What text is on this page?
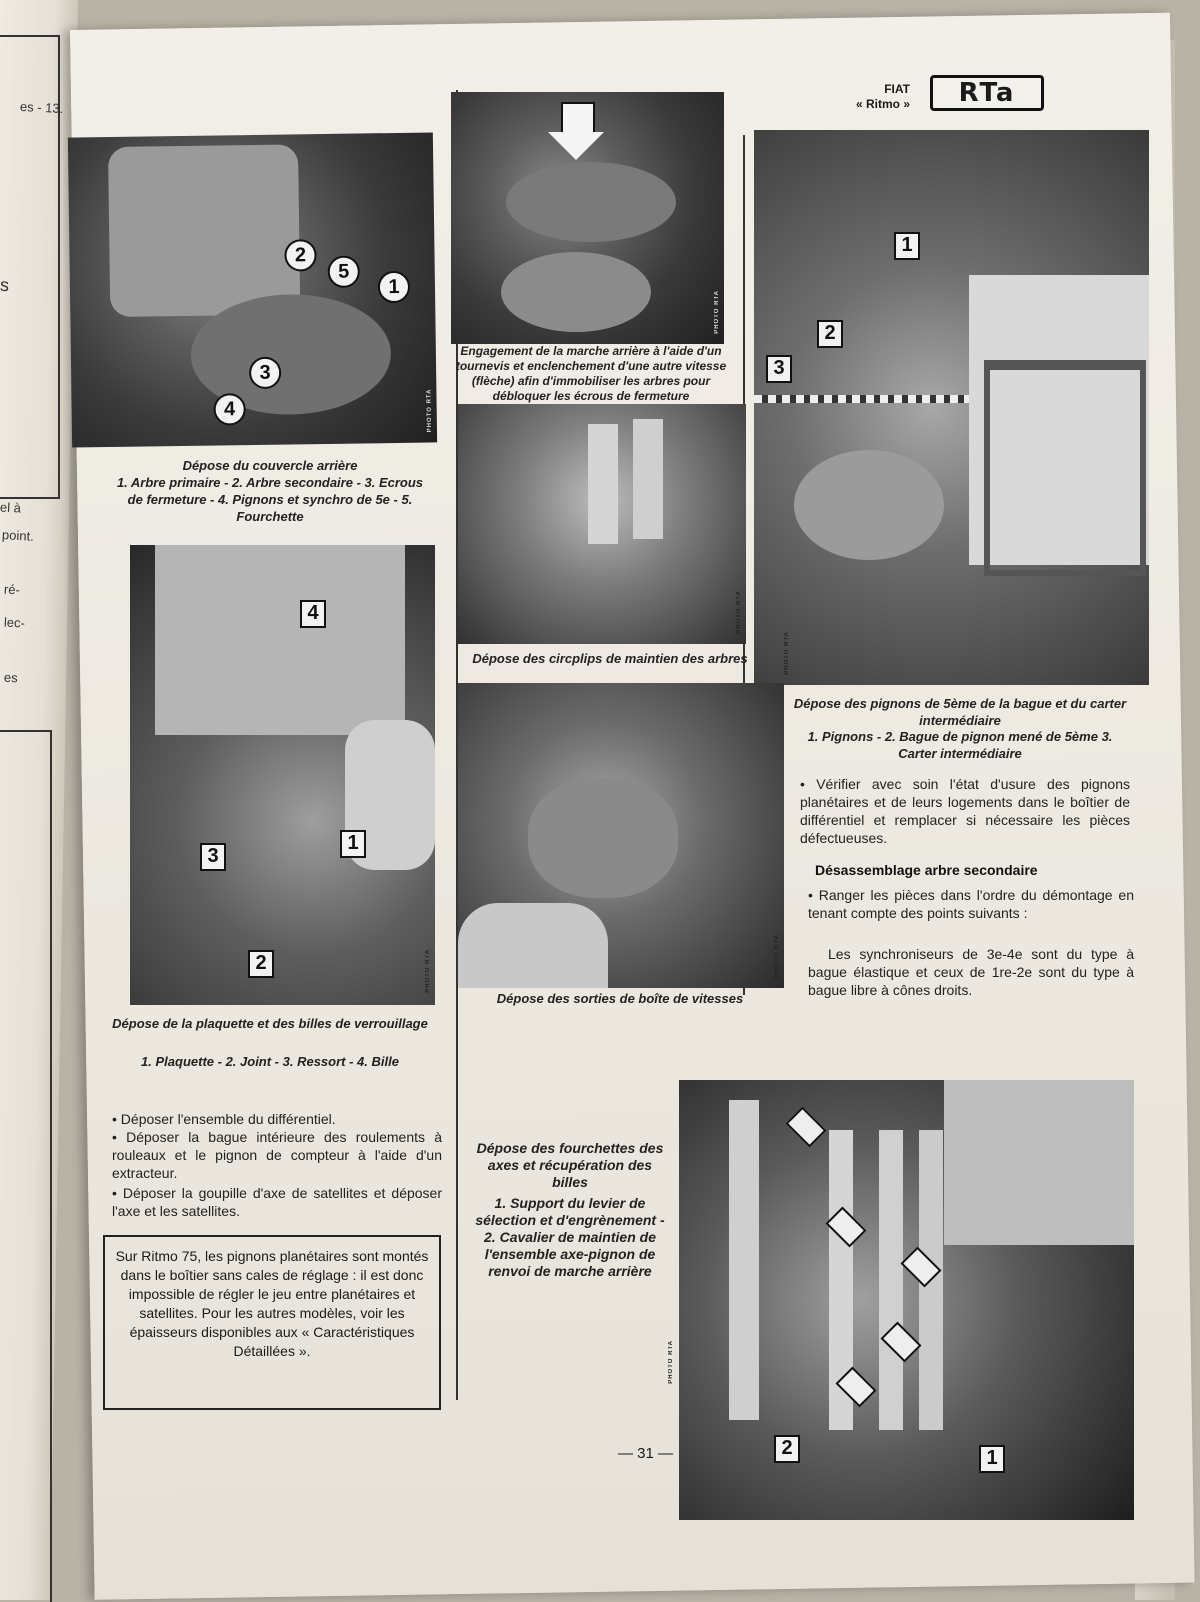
es - 13.
s
el à
point.
ré-
lec-
es
FIAT
« Ritmo »	RTa
2
5
1
3
4	PHOTO RTA
Dépose du couvercle arrière
1. Arbre primaire - 2. Arbre secondaire - 3. Ecrous de fermeture - 4. Pignons et synchro de 5e - 5. Fourchette
PHOTO RTA
Engagement de la marche arrière à l'aide d'un tournevis et enclenchement d'une autre vitesse (flèche) afin d'immobiliser les arbres pour débloquer les écrous de fermeture
1
2
3
PHOTO RTA
Dépose des pignons de 5ème de la bague et du carter intermédiaire
1. Pignons - 2. Bague de pignon mené de 5ème 3. Carter intermédiaire
PHOTO RTA
Dépose des circplips de maintien des arbres
4
3
1
2	PHOTO RTA
Dépose de la plaquette et des billes de verrouillage
1. Plaquette - 2. Joint - 3. Ressort - 4. Bille
PHOTO RTA
Dépose des sorties de boîte de vitesses
• Vérifier avec soin l'état d'usure des pignons planétaires et de leurs logements dans le boîtier de différentiel et remplacer si nécessaire les pièces défectueuses.
Désassemblage arbre secondaire
• Ranger les pièces dans l'ordre du démontage en tenant compte des points suivants :
Les synchroniseurs de 3e-4e sont du type à bague élastique et ceux de 1re-2e sont du type à bague libre à cônes droits.
• Déposer l'ensemble du différentiel.
• Déposer la bague intérieure des roulements à rouleaux et le pignon de compteur à l'aide d'un extracteur.
• Déposer la goupille d'axe de satellites et déposer l'axe et les satellites.
Sur Ritmo 75, les pignons planétaires sont montés dans le boîtier sans cales de réglage : il est donc impossible de régler le jeu entre planétaires et satellites. Pour les autres modèles, voir les épaisseurs disponibles aux « Caractéristiques Détaillées ».
Dépose des fourchettes des axes et récupération des billes
1. Support du levier de sélection et d'engrènement - 2. Cavalier de maintien de l'ensemble axe-pignon de renvoi de marche arrière
2	1
PHOTO RTA
— 31 —
